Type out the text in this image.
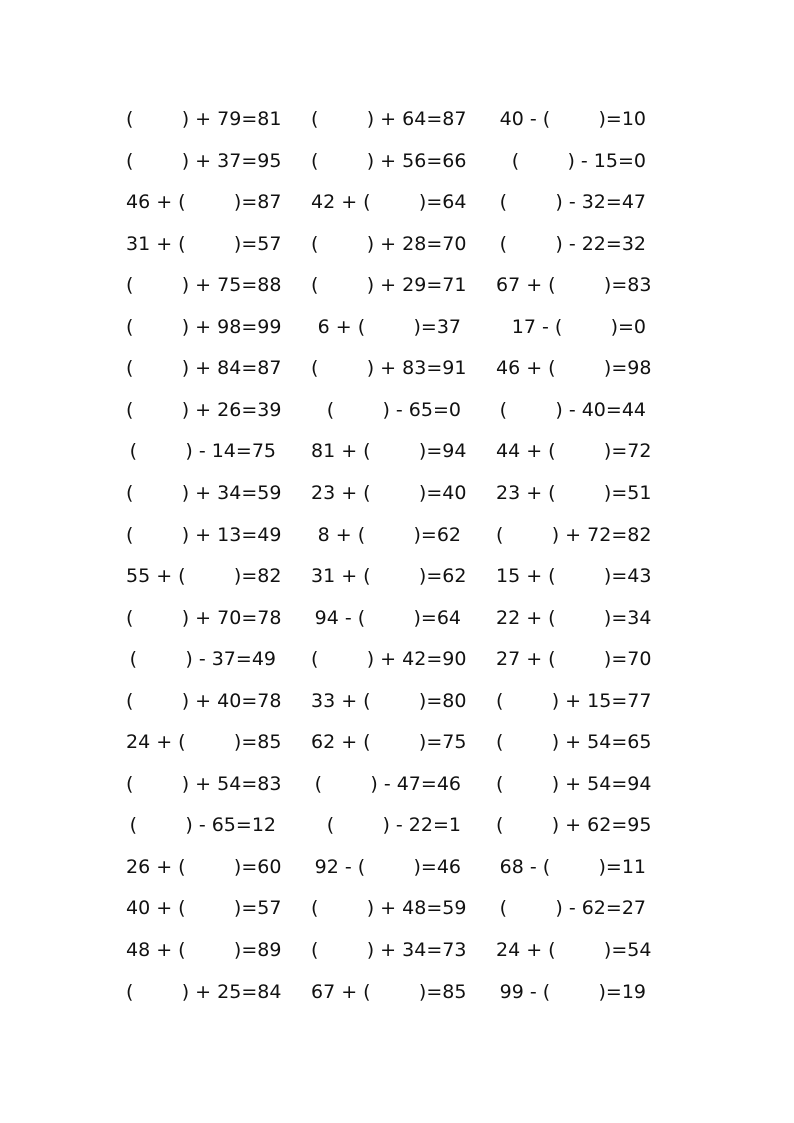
(        ) + 79=81 (        ) + 64=87 40 - (        )=10
(        ) + 37=95 (        ) + 56=66	(        ) - 15=0
46 + (        )=87 42 + (        )=64 (        ) - 32=47
31 + (        )=57 (        ) + 28=70 (        ) - 22=32
(        ) + 75=88 (        ) + 29=71 67 + (        )=83
(        ) + 98=99	6 + (        )=37	17 - (        )=0
(        ) + 84=87 (        ) + 83=91 46 + (        )=98
(        ) + 26=39	(        ) - 65=0 (        ) - 40=44
(        ) - 14=75 81 + (        )=94 44 + (        )=72
(        ) + 34=59 23 + (        )=40 23 + (        )=51
(        ) + 13=49	8 + (        )=62 (        ) + 72=82
55 + (        )=82 31 + (        )=62 15 + (        )=43
(        ) + 70=78 94 - (        )=64 22 + (        )=34
(        ) - 37=49 (        ) + 42=90 27 + (        )=70
(        ) + 40=78 33 + (        )=80 (        ) + 15=77
24 + (        )=85 62 + (        )=75 (        ) + 54=65
(        ) + 54=83 (        ) - 47=46 (        ) + 54=94
(        ) - 65=12	(        ) - 22=1 (        ) + 62=95
26 + (        )=60 92 - (        )=46 68 - (        )=11
40 + (        )=57 (        ) + 48=59 (        ) - 62=27
48 + (        )=89 (        ) + 34=73 24 + (        )=54
(        ) + 25=84 67 + (        )=85 99 - (        )=19
